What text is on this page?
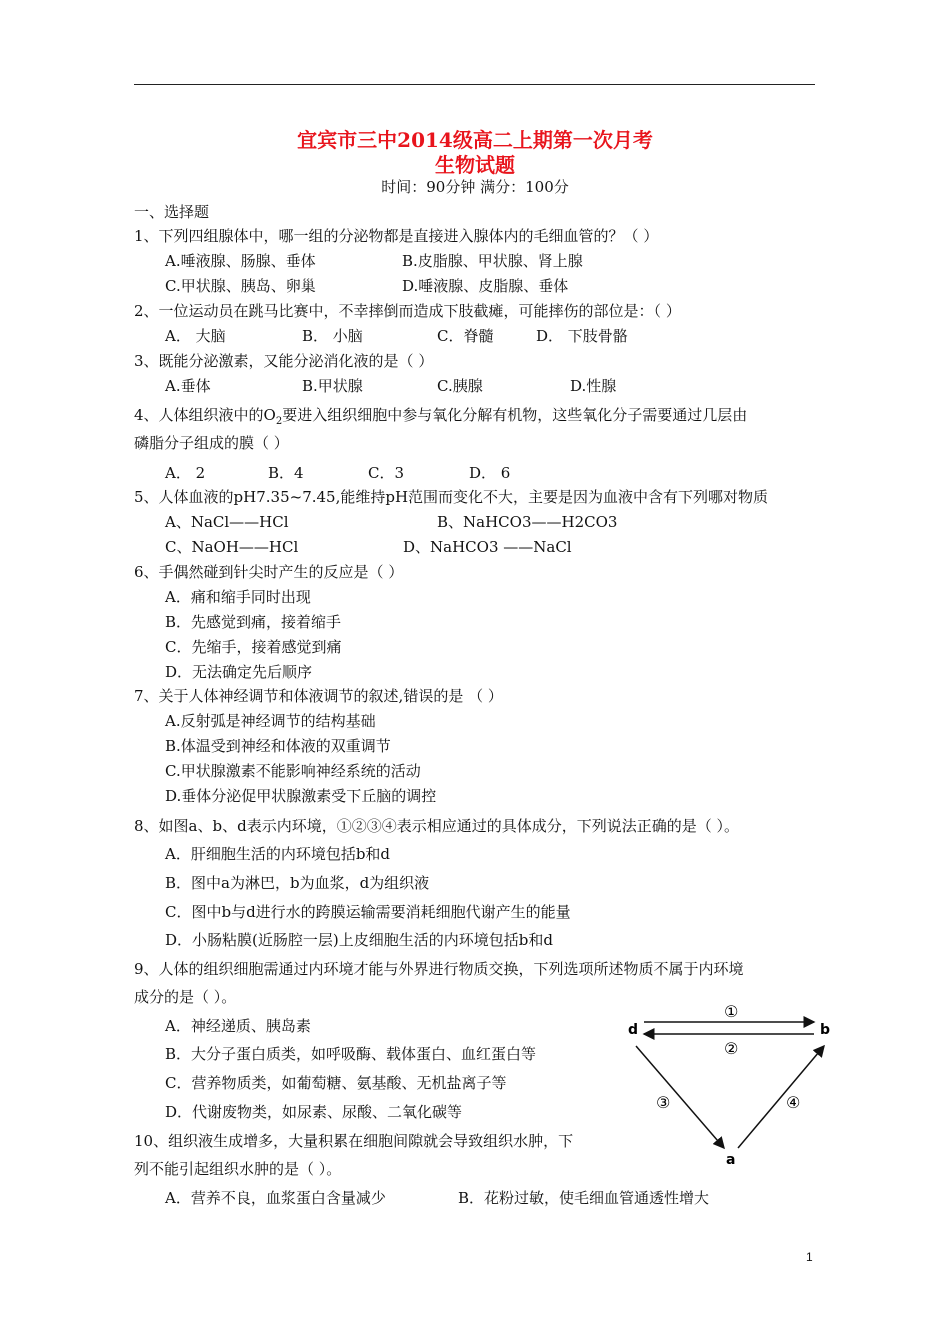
宜宾市三中2014级高二上期第一次月考
生物试题
时间：90分钟 满分：100分
一、选择题
1、下列四组腺体中，哪一组的分泌物都是直接进入腺体内的毛细血管的？（ ）
A.唾液腺、肠腺、垂体	B.皮脂腺、甲状腺、肾上腺
C.甲状腺、胰岛、卵巢	D.唾液腺、皮脂腺、垂体
2、一位运动员在跳马比赛中，不幸摔倒而造成下肢截瘫，可能摔伤的部位是：（ ）
A． 大脑	B． 小脑	C．脊髓	D． 下肢骨骼
3、既能分泌激素，又能分泌消化液的是（ ）
A.垂体	B.甲状腺	C.胰腺	D.性腺
4、人体组织液中的$O_2$要进入组织细胞中参与氧化分解有机物，这些氧化分子需要通过几层由
磷脂分子组成的膜（ ）
A． 2	B．4	C．3	D． 6
5、人体血液的pH7.35~7.45,能维持pH范围而变化不大，主要是因为血液中含有下列哪对物质
A、NaCl——HCl	B、NaHCO3——H2CO3
C、NaOH——HCl	D、NaHCO3 ——NaCl
6、手偶然碰到针尖时产生的反应是（ ）
A．痛和缩手同时出现
B．先感觉到痛，接着缩手
C．先缩手，接着感觉到痛
D．无法确定先后顺序
7、关于人体神经调节和体液调节的叙述,错误的是 （ ）
A.反射弧是神经调节的结构基础
B.体温受到神经和体液的双重调节
C.甲状腺激素不能影响神经系统的活动
D.垂体分泌促甲状腺激素受下丘脑的调控
8、如图a、b、d表示内环境，①②③④表示相应通过的具体成分，下列说法正确的是（ ）。
A．肝细胞生活的内环境包括b和d
B．图中a为淋巴，b为血浆，d为组织液
C．图中b与d进行水的跨膜运输需要消耗细胞代谢产生的能量
D．小肠粘膜(近肠腔一层)上皮细胞生活的内环境包括b和d
9、人体的组织细胞需通过内环境才能与外界进行物质交换，下列选项所述物质不属于内环境
成分的是（ ）。
A．神经递质、胰岛素
B．大分子蛋白质类，如呼吸酶、载体蛋白、血红蛋白等
C．营养物质类，如葡萄糖、氨基酸、无机盐离子等
D．代谢废物类，如尿素、尿酸、二氧化碳等
10、组织液生成增多，大量积累在细胞间隙就会导致组织水肿，下
列不能引起组织水肿的是（ ）。
A．营养不良，血浆蛋白含量减少	B．花粉过敏，使毛细血管通透性增大
d	b
a
①
②
③	④
1
